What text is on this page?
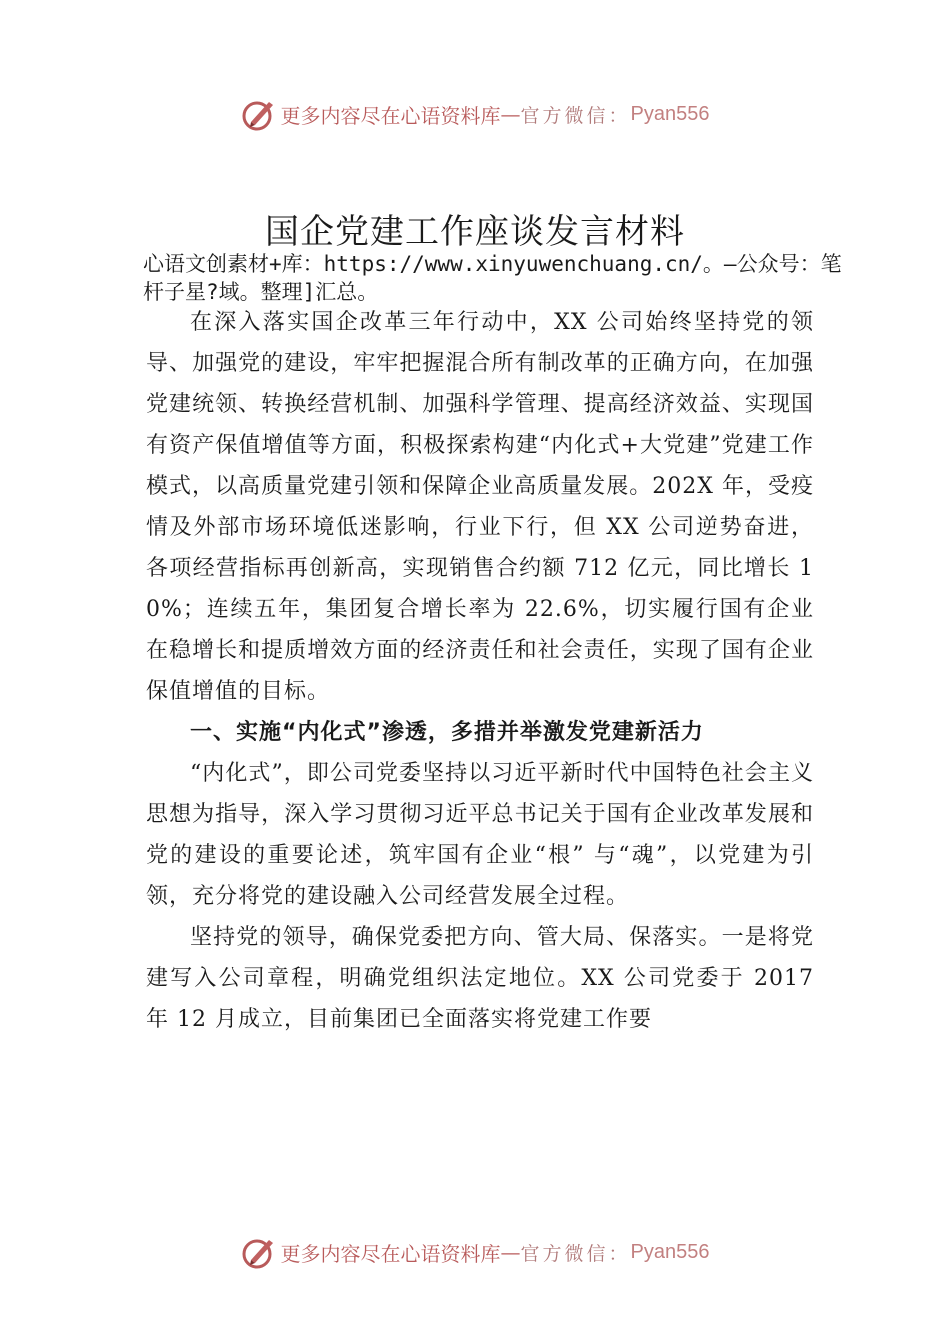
更多内容尽在心语资料库 — 官方微信： Pyan556
国企党建工作座谈发言材料
心语文创素材+库：https://www.xinyuwenchuang.cn/。—公众号：笔杆子星?域。整理]汇总。

在深入落实国企改革三年行动中，XX 公司始终坚持党的领导、加强党的建设，牢牢把握混合所有制改革的正确方向，在加强党建统领、转换经营机制、加强科学管理、提高经济效益、实现国有资产保值增值等方面，积极探索构建“内化式+大党建”党建工作模式，以高质量党建引领和保障企业高质量发展。202X 年，受疫情及外部市场环境低迷影响，行业下行，但 XX 公司逆势奋进，各项经营指标再创新高，实现销售合约额 712 亿元，同比增长 10%；连续五年，集团复合增长率为 22.6%，切实履行国有企业在稳增长和提质增效方面的经济责任和社会责任，实现了国有企业保值增值的目标。

一、实施“内化式”渗透，多措并举激发党建新活力

“内化式”，即公司党委坚持以习近平新时代中国特色社会主义思想为指导，深入学习贯彻习近平总书记关于国有企业改革发展和党的建设的重要论述，筑牢国有企业“根” 与“魂”，以党建为引领，充分将党的建设融入公司经营发展全过程。

坚持党的领导，确保党委把方向、管大局、保落实。一是将党建写入公司章程，明确党组织法定地位。XX 公司党委于 2017 年 12 月成立，目前集团已全面落实将党建工作要

更多内容尽在心语资料库 — 官方微信： Pyan556
